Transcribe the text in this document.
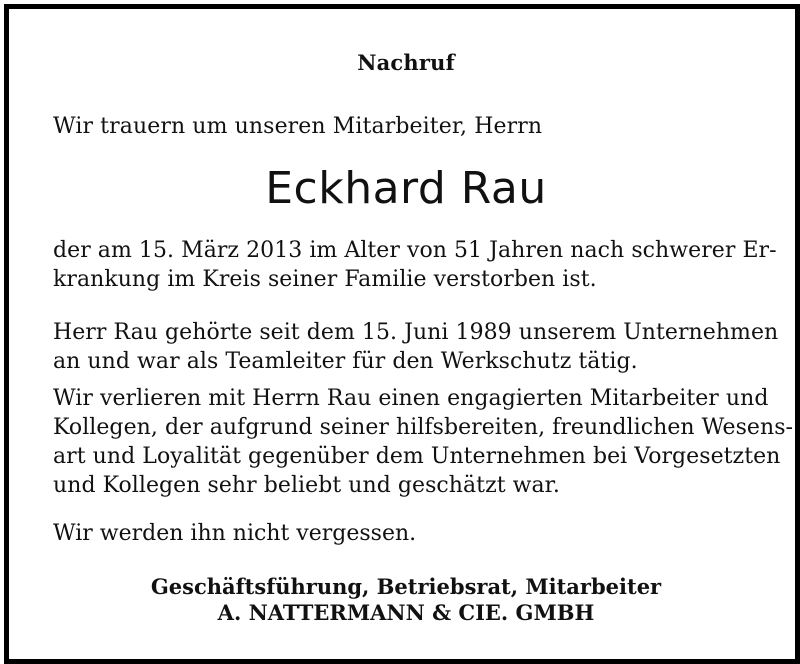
Nachruf
Wir trauern um unseren Mitarbeiter, Herrn
Eckhard Rau
der am 15. März 2013 im Alter von 51 Jahren nach schwerer Er-
krankung im Kreis seiner Familie verstorben ist.
Herr Rau gehörte seit dem 15. Juni 1989 unserem Unternehmen
an und war als Teamleiter für den Werkschutz tätig.
Wir verlieren mit Herrn Rau einen engagierten Mitarbeiter und
Kollegen, der aufgrund seiner hilfsbereiten, freundlichen Wesens-
art und Loyalität gegenüber dem Unternehmen bei Vorgesetzten
und Kollegen sehr beliebt und geschätzt war.
Wir werden ihn nicht vergessen.
Geschäftsführung, Betriebsrat, Mitarbeiter
A. NATTERMANN & CIE. GMBH
